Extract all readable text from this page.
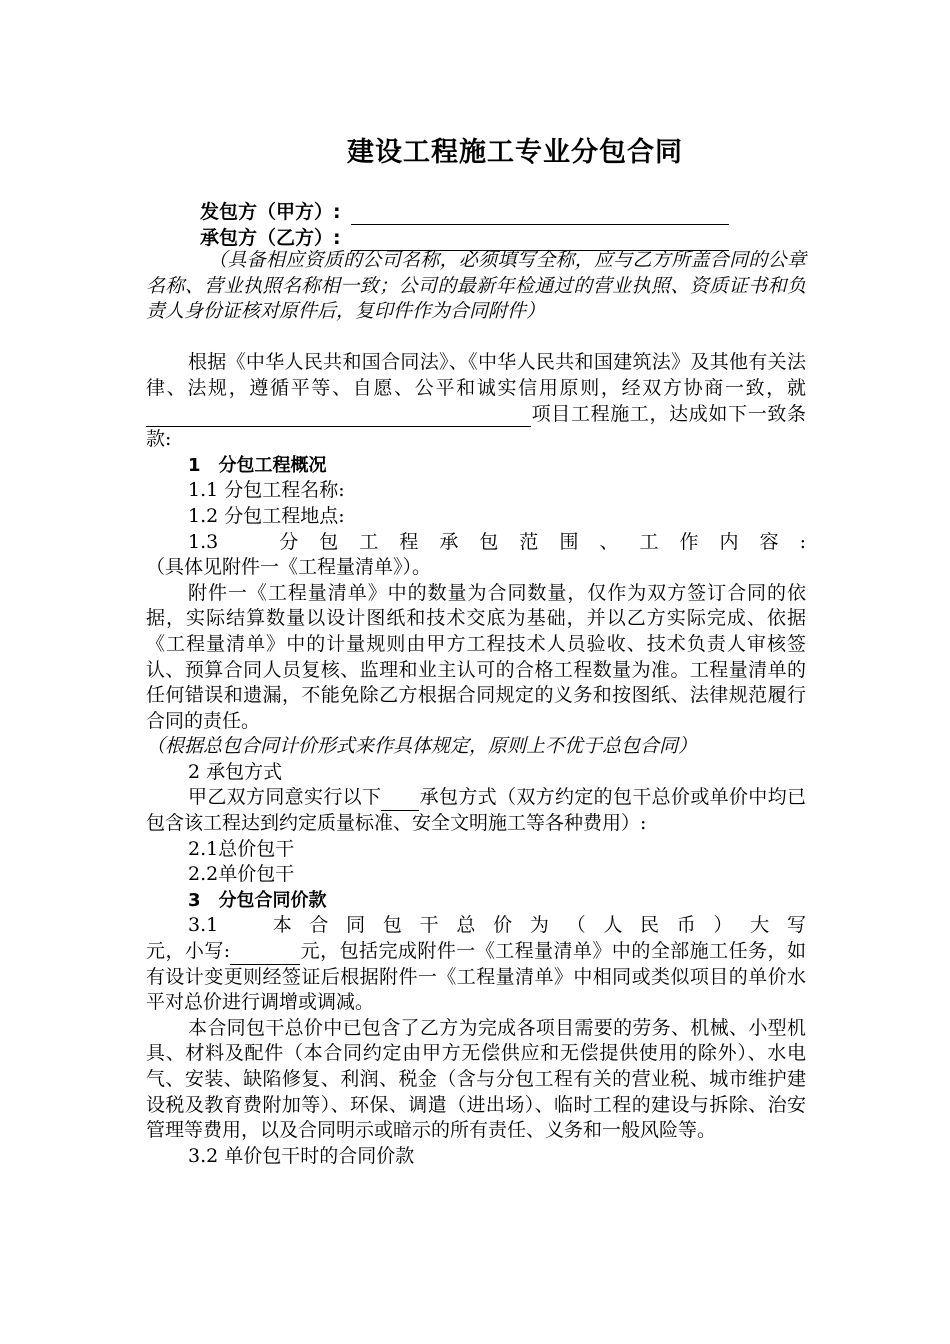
建设工程施工专业分包合同
发包方（甲方）:
承包方（乙方）:

（具备相应资质的公司名称，必须填写全称，应与乙方所盖合同的公章名称、营业执照名称相一致；公司的最新年检通过的营业执照、资质证书和负责人身份证核对原件后，复印件作为合同附件）

根据《中华人民共和国合同法》、《中华人民共和国建筑法》及其他有关法律、法规，遵循平等、自愿、公平和诚实信用原则，经双方协商一致，就项目工程施工，达成如下一致条款:

1　分包工程概况

1.1 分包工程名称:

1.2 分包工程地点:

1.3　分包工程承包范围、工作内容:

（具体见附件一《工程量清单》）。

附件一《工程量清单》中的数量为合同数量，仅作为双方签订合同的依据，实际结算数量以设计图纸和技术交底为基础，并以乙方实际完成、依据《工程量清单》中的计量规则由甲方工程技术人员验收、技术负责人审核签认、预算合同人员复核、监理和业主认可的合格工程数量为准。工程量清单的任何错误和遗漏，不能免除乙方根据合同规定的义务和按图纸、法律规范履行合同的责任。

（根据总包合同计价形式来作具体规定，原则上不优于总包合同）

2 承包方式

甲乙双方同意实行以下 承包方式（双方约定的包干总价或单价中均已包含该工程达到约定质量标准、安全文明施工等各种费用）:

2.1总价包干

2.2单价包干

3　分包合同价款

3.1　本合同包干总价为（人民币）大写

元，小写:	元，包括完成附件一《工程量清单》中的全部施工任务，如有设计变更则经签证后根据附件一《工程量清单》中相同或类似项目的单价水平对总价进行调增或调减。

本合同包干总价中已包含了乙方为完成各项目需要的劳务、机械、小型机具、材料及配件（本合同约定由甲方无偿供应和无偿提供使用的除外）、水电气、安装、缺陷修复、利润、税金（含与分包工程有关的营业税、城市维护建设税及教育费附加等）、环保、调遣（进出场）、临时工程的建设与拆除、治安管理等费用，以及合同明示或暗示的所有责任、义务和一般风险等。

3.2 单价包干时的合同价款
